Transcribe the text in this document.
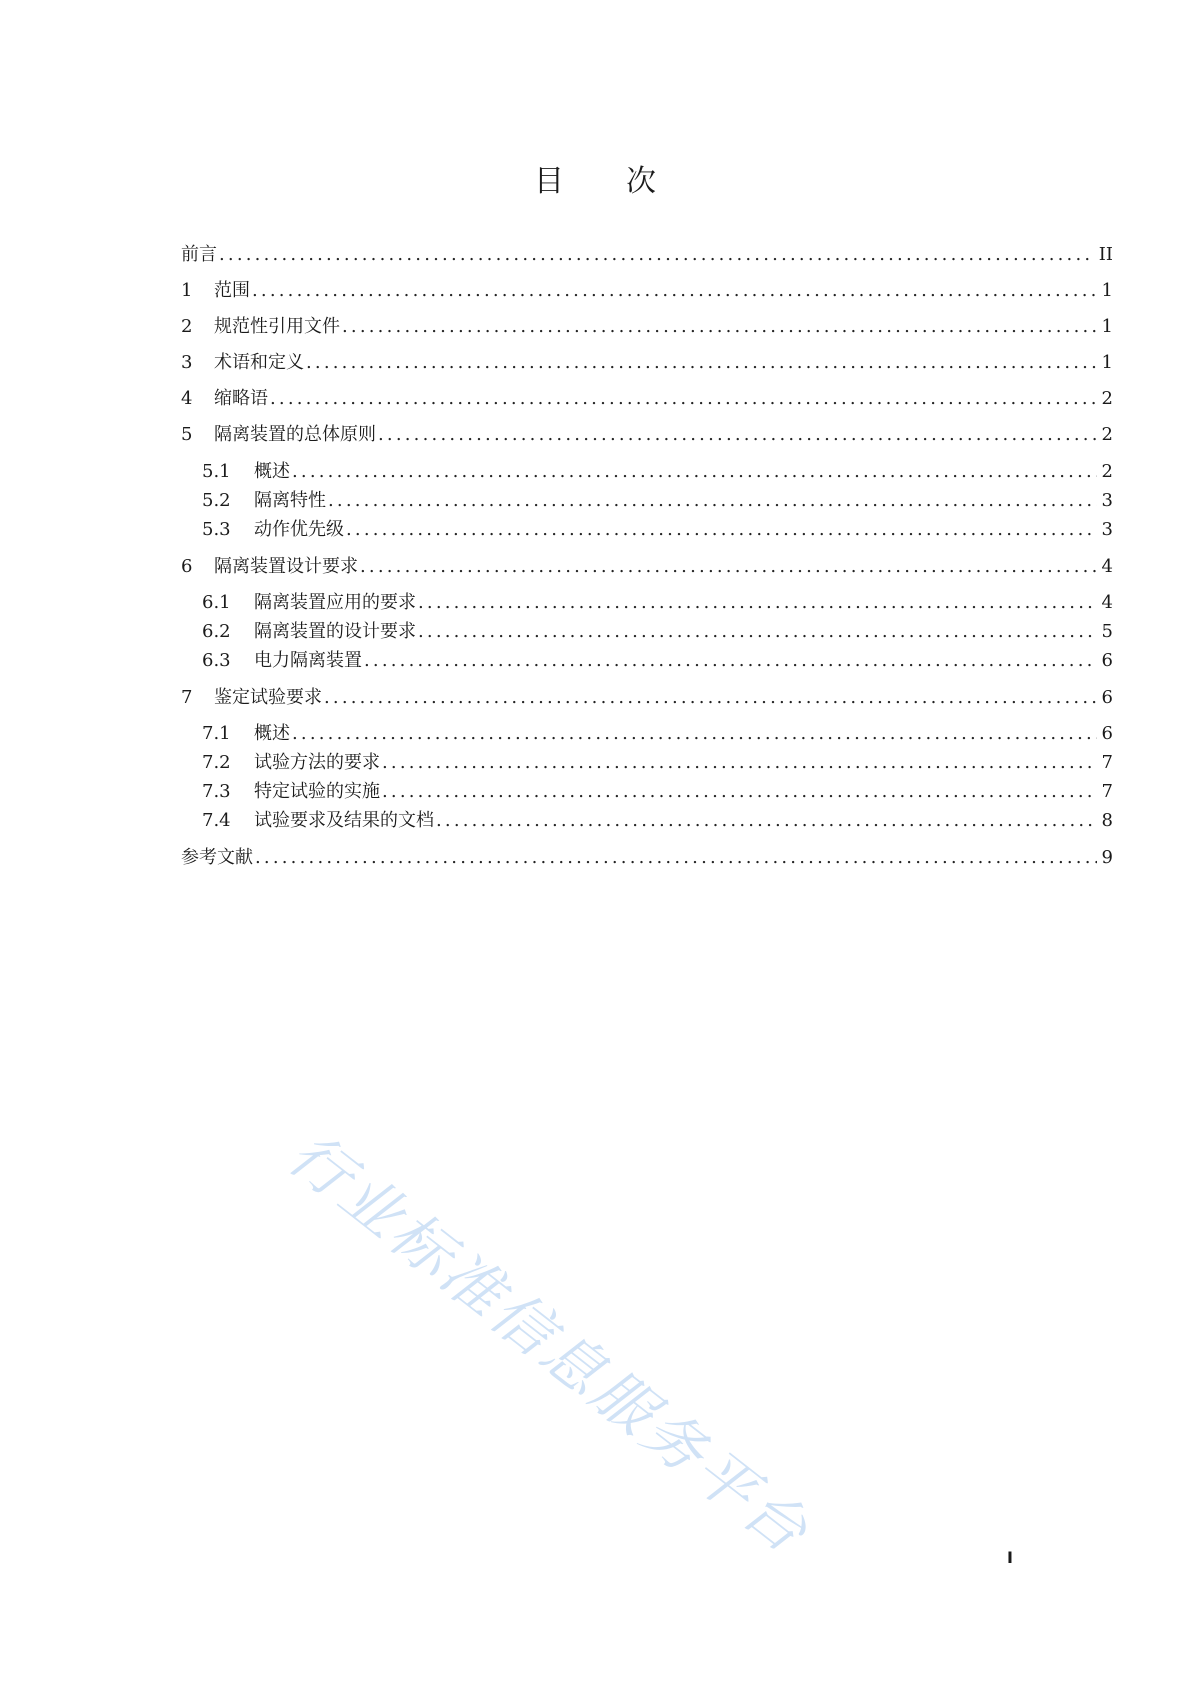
目 次
前言 .....	II
1	范围 .....	1
2	规范性引用文件 .....	1
3	术语和定义 .....	1
4	缩略语 .....	2
5	隔离装置的总体原则 .....	2
5.1	概述 .....	2
5.2	隔离特性 .....	3
5.3	动作优先级 .....	3
6	隔离装置设计要求 .....	4
6.1	隔离装置应用的要求 .....	4
6.2	隔离装置的设计要求 .....	5
6.3	电力隔离装置 .....	6
7	鉴定试验要求 .....	6
7.1	概述 .....	6
7.2	试验方法的要求 .....	7
7.3	特定试验的实施 .....	7
7.4	试验要求及结果的文档 .....	8
参考文献 .....	9
行业标准信息服务平台	I
